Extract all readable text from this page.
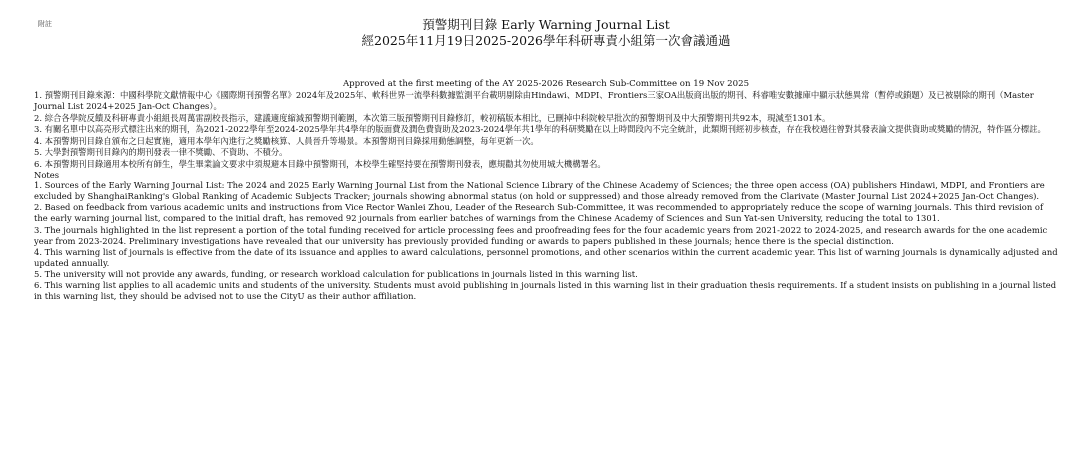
附註	預警期刊目錄 Early Warning Journal List
經2025年11月19日2025-2026學年科研專責小組第一次會議通過
Approved at the first meeting of the AY 2025-2026 Research Sub-Committee on 19 Nov 2025

1. 預警期刊目錄來源：中國科學院文獻情報中心《國際期刊預警名單》2024年及2025年、軟科世界一流學科數據監測平台載明剔除由Hindawi、MDPI、Frontiers三家OA出版商出版的期刊、科睿唯安數據庫中顯示狀態異常（暫停或鎖題）及已被剔除的期刊（Master Journal List 2024+2025 Jan-Oct Changes）。

2. 綜合各學院反饋及科研專責小組組長周萬雷副校長指示，建議適度縮減預警期刊範圍，本次第三版預警期刊目錄修訂，較初稿版本相比，已刪掉中科院較早批次的預警期刊及中大預警期刊共92本，現減至1301本。

3. 有關名單中以高亮形式標注出來的期刊，為2021-2022學年至2024-2025學年共4學年的版面費及潤色費資助及2023-2024學年共1學年的科研獎勵在以上時間段內不完全統計，此類期刊經初步核查，存在我校過往曾對其發表論文提供資助或獎勵的情況，特作區分標註。

4. 本預警期刊目錄自頒布之日起實施，適用本學年內進行之獎勵核算、人員晉升等場景。本預警期刊目錄採用動態調整，每年更新一次。

5. 大學對預警期刊目錄內的期刊發表一律不獎勵、不資助、不積分。

6. 本預警期刊目錄適用本校所有師生，學生畢業論文要求中須規避本目錄中預警期刊，本校學生確堅持要在預警期刊發表，應規勸其勿使用城大機構署名。

Notes

1. Sources of the Early Warning Journal List: The 2024 and 2025 Early Warning Journal List from the National Science Library of the Chinese Academy of Sciences; the three open access (OA) publishers Hindawi, MDPI, and Frontiers are excluded by ShanghaiRanking's Global Ranking of Academic Subjects Tracker; journals showing abnormal status (on hold or suppressed) and those already removed from the Clarivate (Master Journal List 2024+2025 Jan-Oct Changes).

2. Based on feedback from various academic units and instructions from Vice Rector Wanlei Zhou, Leader of the Research Sub-Committee, it was recommended to appropriately reduce the scope of warning journals. This third revision of the early warning journal list, compared to the initial draft, has removed 92 journals from earlier batches of warnings from the Chinese Academy of Sciences and Sun Yat-sen University, reducing the total to 1301.

3. The journals highlighted in the list represent a portion of the total funding received for article processing fees and proofreading fees for the four academic years from 2021-2022 to 2024-2025, and research awards for the one academic year from 2023-2024. Preliminary investigations have revealed that our university has previously provided funding or awards to papers published in these journals; hence there is the special distinction.

4. This warning list of journals is effective from the date of its issuance and applies to award calculations, personnel promotions, and other scenarios within the current academic year. This list of warning journals is dynamically adjusted and updated annually.

5. The university will not provide any awards, funding, or research workload calculation for publications in journals listed in this warning list.

6. This warning list applies to all academic units and students of the university. Students must avoid publishing in journals listed in this warning list in their graduation thesis requirements. If a student insists on publishing in a journal listed in this warning list, they should be advised not to use the CityU as their author affiliation.
